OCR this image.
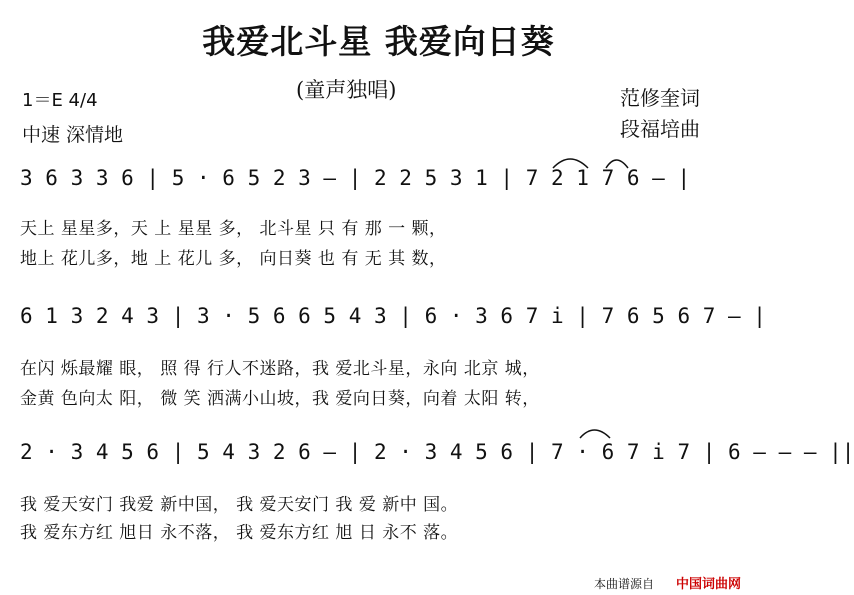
我爱北斗星 我爱向日葵
(童声独唱)
1＝E 4/4
中速 深情地
范修奎词
段福培曲
3 6 3 3 6 | 5 · 6 5 2 3 — | 2 2 5 3 1 | 7 2 1 7 6 — |
天上 星星多，天 上 星星 多， 北斗星 只 有 那 一 颗，
地上 花儿多，地 上 花儿 多， 向日葵 也 有 无 其 数，
6 1 3 2 4 3 | 3 · 5 6 6 5 4 3 | 6 · 3 6 7 i | 7 6 5 6 7 — |
在闪 烁最耀 眼， 照 得 行人不迷路，我 爱北斗星，永向 北京 城，
金黄 色向太 阳， 微 笑 洒满小山坡，我 爱向日葵，向着 太阳 转，
2 · 3 4 5 6 | 5 4 3 2 6 — | 2 · 3 4 5 6 | 7 · 6 7 i 7 | 6 — — — ||
我 爱天安门 我爱 新中国， 我 爱天安门 我 爱 新中 国。
我 爱东方红 旭日 永不落， 我 爱东方红 旭 日 永不 落。
本曲谱源自 中国词曲网
